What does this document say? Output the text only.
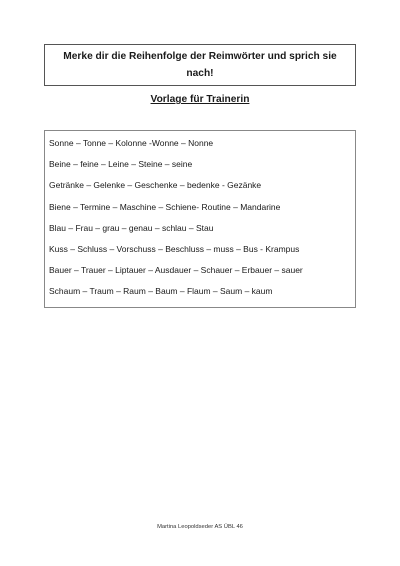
Merke dir die Reihenfolge der Reimwörter und sprich sie nach!
Vorlage für Trainerin
Sonne – Tonne – Kolonne -Wonne – Nonne
Beine – feine – Leine – Steine – seine
Getränke – Gelenke – Geschenke – bedenke - Gezänke
Biene – Termine – Maschine – Schiene- Routine – Mandarine
Blau – Frau – grau – genau – schlau – Stau
Kuss – Schluss – Vorschuss – Beschluss – muss – Bus - Krampus
Bauer – Trauer – Liptauer – Ausdauer – Schauer – Erbauer – sauer
Schaum – Traum – Raum – Baum – Flaum – Saum – kaum
Martina Leopoldseder AS ÜBL 46
